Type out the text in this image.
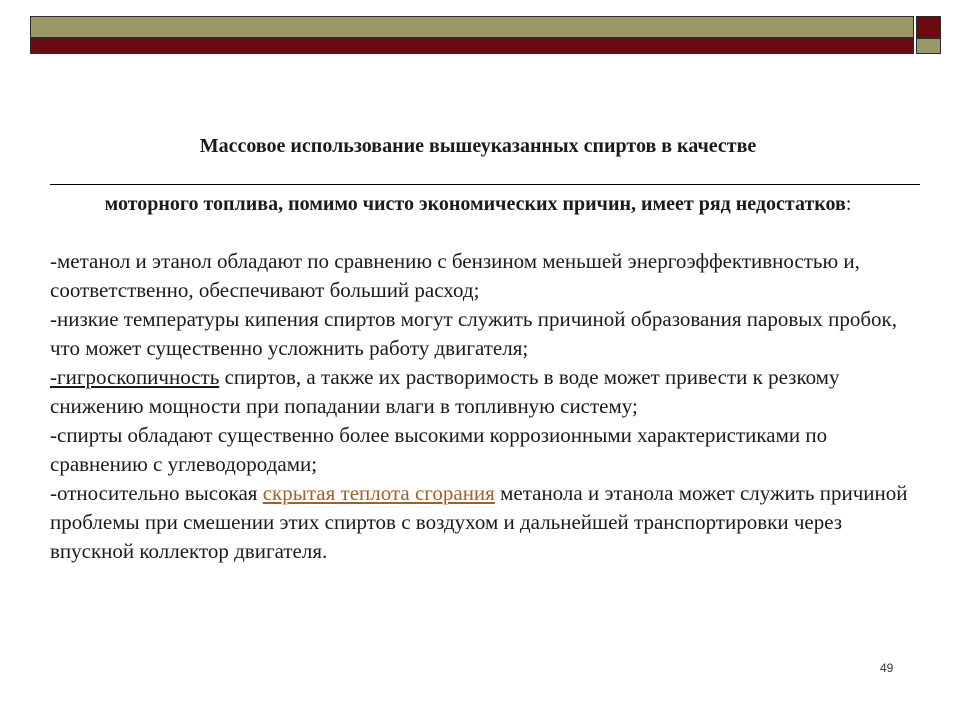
Массовое использование вышеуказанных спиртов в качестве
моторного топлива, помимо чисто экономических причин, имеет ряд недостатков:

-метанол и этанол обладают по сравнению с бензином меньшей энергоэффективностью и, соответственно, обеспечивают больший расход;

-низкие температуры кипения спиртов могут служить причиной образования паровых пробок, что может существенно усложнить работу двигателя;

-гигроскопичность спиртов, а также их растворимость в воде может привести к резкому снижению мощности при попадании влаги в топливную систему;

-спирты обладают существенно более высокими коррозионными характеристиками по сравнению с углеводородами;

-относительно высокая скрытая теплота сгорания метанола и этанола может служить причиной проблемы при смешении этих спиртов с воздухом и дальнейшей транспортировки через впускной коллектор двигателя.

49
